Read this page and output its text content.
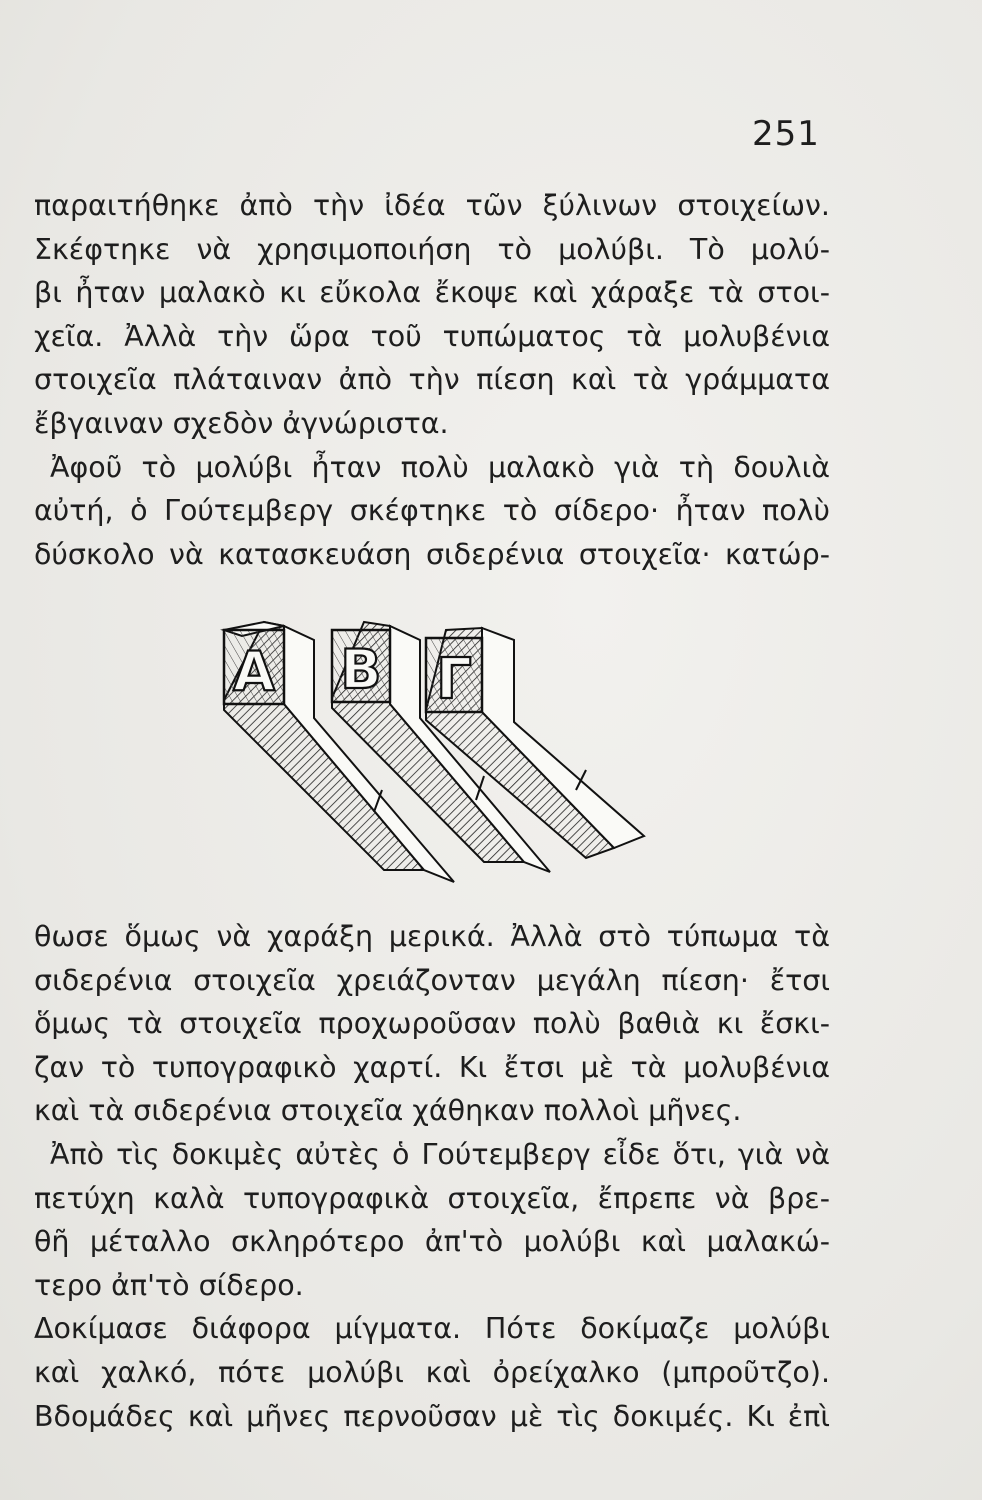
251
παραιτήθηκε ἀπὸ τὴν ἰδέα τῶν ξύλινων στοιχείων.
Σκέφτηκε νὰ χρησιμοποιήση τὸ μολύβι. Τὸ μολύ-
βι ἦταν μαλακὸ κι εὔκολα ἔκοψε καὶ χάραξε τὰ στοι-
χεῖα. Ἀλλὰ τὴν ὥρα τοῦ τυπώματος τὰ μολυβένια
στοιχεῖα πλάταιναν ἀπὸ τὴν πίεση καὶ τὰ γράμματα
ἔβγαιναν σχεδὸν ἀγνώριστα.
Ἀφοῦ τὸ μολύβι ἦταν πολὺ μαλακὸ γιὰ τὴ δουλιὰ
αὐτή, ὁ Γούτεμβεργ σκέφτηκε τὸ σίδερο· ἦταν πολὺ
δύσκολο νὰ κατασκευάση σιδερένια στοιχεῖα· κατώρ-
Α Β Γ
θωσε ὅμως νὰ χαράξη μερικά. Ἀλλὰ στὸ τύπωμα τὰ
σιδερένια στοιχεῖα χρειάζονταν μεγάλη πίεση· ἔτσι
ὅμως τὰ στοιχεῖα προχωροῦσαν πολὺ βαθιὰ κι ἔσκι-
ζαν τὸ τυπογραφικὸ χαρτί. Κι ἔτσι μὲ τὰ μολυβένια
καὶ τὰ σιδερένια στοιχεῖα χάθηκαν πολλοὶ μῆνες.
Ἀπὸ τὶς δοκιμὲς αὐτὲς ὁ Γούτεμβεργ εἶδε ὅτι, γιὰ νὰ
πετύχη καλὰ τυπογραφικὰ στοιχεῖα, ἔπρεπε νὰ βρε-
θῆ μέταλλο σκληρότερο ἀπ'τὸ μολύβι καὶ μαλακώ-
τερο ἀπ'τὸ σίδερο.
Δοκίμασε διάφορα μίγματα. Πότε δοκίμαζε μολύβι
καὶ χαλκό, πότε μολύβι καὶ ὀρείχαλκο (μπροῦτζο).
Βδομάδες καὶ μῆνες περνοῦσαν μὲ τὶς δοκιμές. Κι ἐπὶ
